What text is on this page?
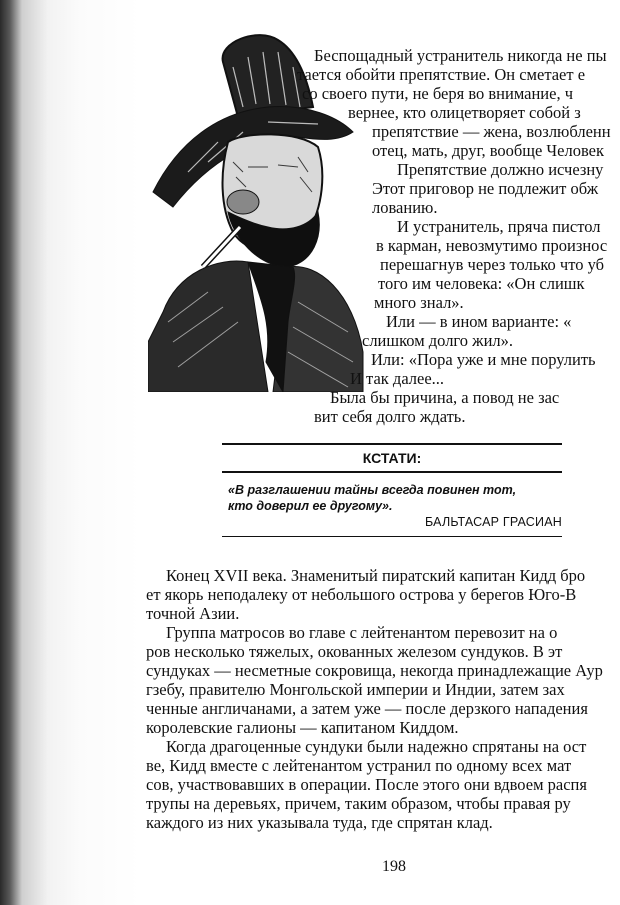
Беспощадный устранитель никогда не пы
тается обойти препятствие. Он сметает е
со своего пути, не беря во внимание, ч
вернее, кто олицетворяет собой з
препятствие — жена, возлюбленн
отец, мать, друг, вообще Человек
Препятствие должно исчезну
Этот приговор не подлежит обж
лованию.
И устранитель, пряча пистол
в карман, невозмутимо произнос
перешагнув через только что уб
того им человека: «Он слишк
много знал».
Или — в ином варианте: «
слишком долго жил».
Или: «Пора уже и мне порулить
И так далее...
Была бы причина, а повод не зас
вит себя долго ждать.
КСТАТИ:
«В разглашении тайны всегда повинен тот,
кто доверил ее другому».
БАЛЬТАСАР ГРАСИАН
Конец XVII века. Знаменитый пиратский капитан Кидд бро
ет якорь неподалеку от небольшого острова у берегов Юго-В
точной Азии.
Группа матросов во главе с лейтенантом перевозит на о
ров несколько тяжелых, окованных железом сундуков. В эт
сундуках — несметные сокровища, некогда принадлежащие Аур
гзебу, правителю Монгольской империи и Индии, затем зах
ченные англичанами, а затем уже — после дерзкого нападения
королевские галионы — капитаном Киддом.
Когда драгоценные сундуки были надежно спрятаны на ост
ве, Кидд вместе с лейтенантом устранил по одному всех мат
сов, участвовавших в операции. После этого они вдвоем распя
трупы на деревьях, причем, таким образом, чтобы правая ру
каждого из них указывала туда, где спрятан клад.
198
